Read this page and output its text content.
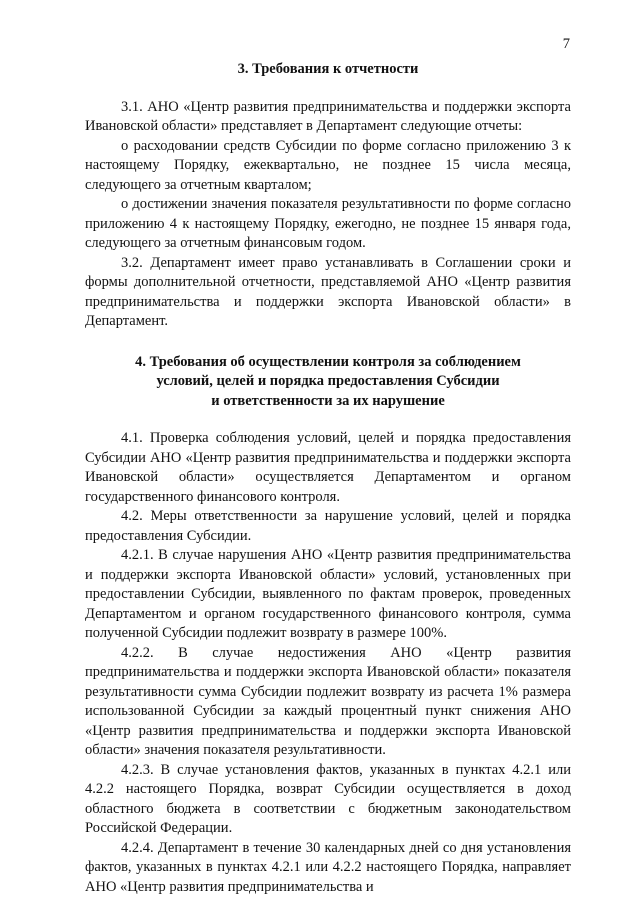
7

3. Требования к отчетности

3.1. АНО «Центр развития предпринимательства и поддержки экспорта Ивановской области» представляет в Департамент следующие отчеты:

о расходовании средств Субсидии по форме согласно приложению 3 к настоящему Порядку, ежеквартально, не позднее 15 числа месяца, следующего за отчетным кварталом;

о достижении значения показателя результативности по форме согласно приложению 4 к настоящему Порядку, ежегодно, не позднее 15 января года, следующего за отчетным финансовым годом.

3.2. Департамент имеет право устанавливать в Соглашении сроки и формы дополнительной отчетности, представляемой АНО «Центр развития предпринимательства и поддержки экспорта Ивановской области» в Департамент.

4. Требования об осуществлении контроля за соблюдением
условий, целей и порядка предоставления Субсидии
и ответственности за их нарушение

4.1. Проверка соблюдения условий, целей и порядка предоставления Субсидии АНО «Центр развития предпринимательства и поддержки экспорта Ивановской области» осуществляется Департаментом и органом государственного финансового контроля.

4.2. Меры ответственности за нарушение условий, целей и порядка предоставления Субсидии.

4.2.1. В случае нарушения АНО «Центр развития предпринимательства и поддержки экспорта Ивановской области» условий, установленных при предоставлении Субсидии, выявленного по фактам проверок, проведенных Департаментом и органом государственного финансового контроля, сумма полученной Субсидии подлежит возврату в размере 100%.

4.2.2. В случае недостижения АНО «Центр развития предпринимательства и поддержки экспорта Ивановской области» показателя результативности сумма Субсидии подлежит возврату из расчета 1% размера использованной Субсидии за каждый процентный пункт снижения АНО «Центр развития предпринимательства и поддержки экспорта Ивановской области» значения показателя результативности.

4.2.3. В случае установления фактов, указанных в пунктах 4.2.1 или 4.2.2 настоящего Порядка, возврат Субсидии осуществляется в доход областного бюджета в соответствии с бюджетным законодательством Российской Федерации.

4.2.4. Департамент в течение 30 календарных дней со дня установления фактов, указанных в пунктах 4.2.1 или 4.2.2 настоящего Порядка, направляет АНО «Центр развития предпринимательства и
